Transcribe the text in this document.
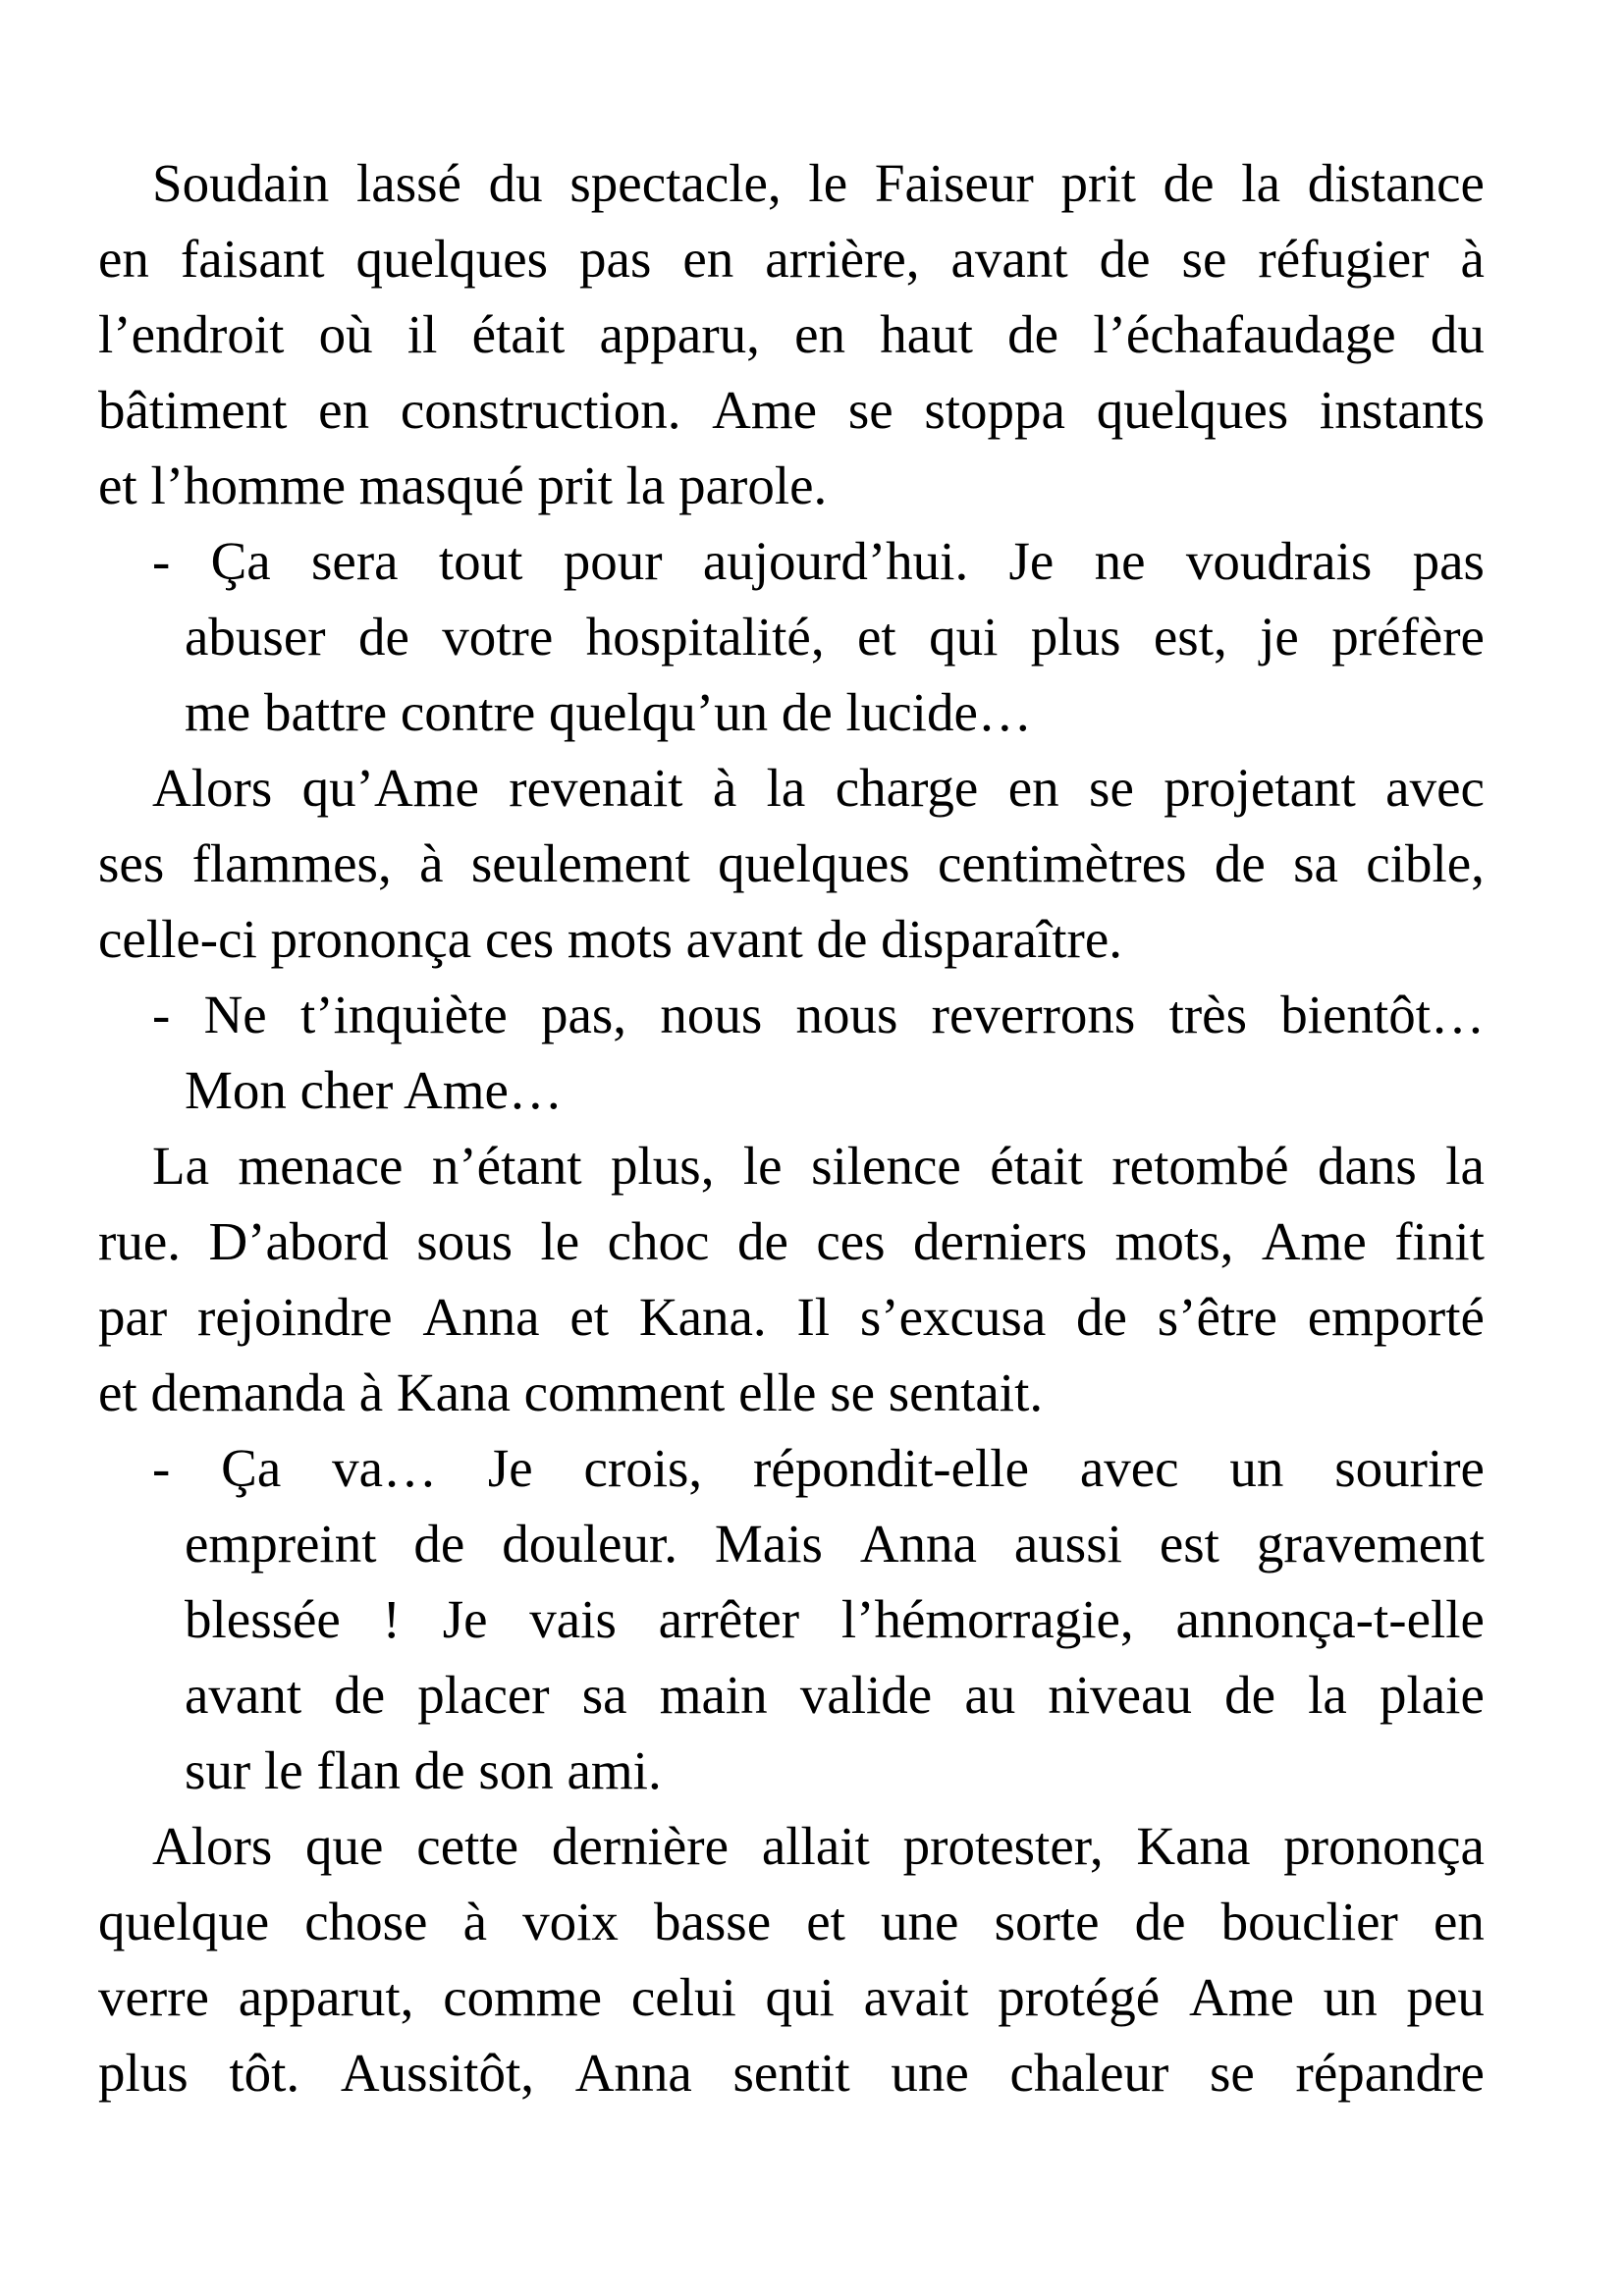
Soudain lassé du spectacle, le Faiseur prit de la distance
en faisant quelques pas en arrière, avant de se réfugier à
l’endroit où il était apparu, en haut de l’échafaudage du
bâtiment en construction. Ame se stoppa quelques instants
et l’homme masqué prit la parole.
- Ça sera tout pour aujourd’hui. Je ne voudrais pas
abuser de votre hospitalité, et qui plus est, je préfère
me battre contre quelqu’un de lucide…
Alors qu’Ame revenait à la charge en se projetant avec
ses flammes, à seulement quelques centimètres de sa cible,
celle-ci prononça ces mots avant de disparaître.
- Ne t’inquiète pas, nous nous reverrons très bientôt…
Mon cher Ame…
La menace n’étant plus, le silence était retombé dans la
rue. D’abord sous le choc de ces derniers mots, Ame finit
par rejoindre Anna et Kana. Il s’excusa de s’être emporté
et demanda à Kana comment elle se sentait.
- Ça va… Je crois, répondit-elle avec un sourire
empreint de douleur. Mais Anna aussi est gravement
blessée ! Je vais arrêter l’hémorragie, annonça-t-elle
avant de placer sa main valide au niveau de la plaie
sur le flan de son ami.
Alors que cette dernière allait protester, Kana prononça
quelque chose à voix basse et une sorte de bouclier en
verre apparut, comme celui qui avait protégé Ame un peu
plus tôt. Aussitôt, Anna sentit une chaleur se répandre
